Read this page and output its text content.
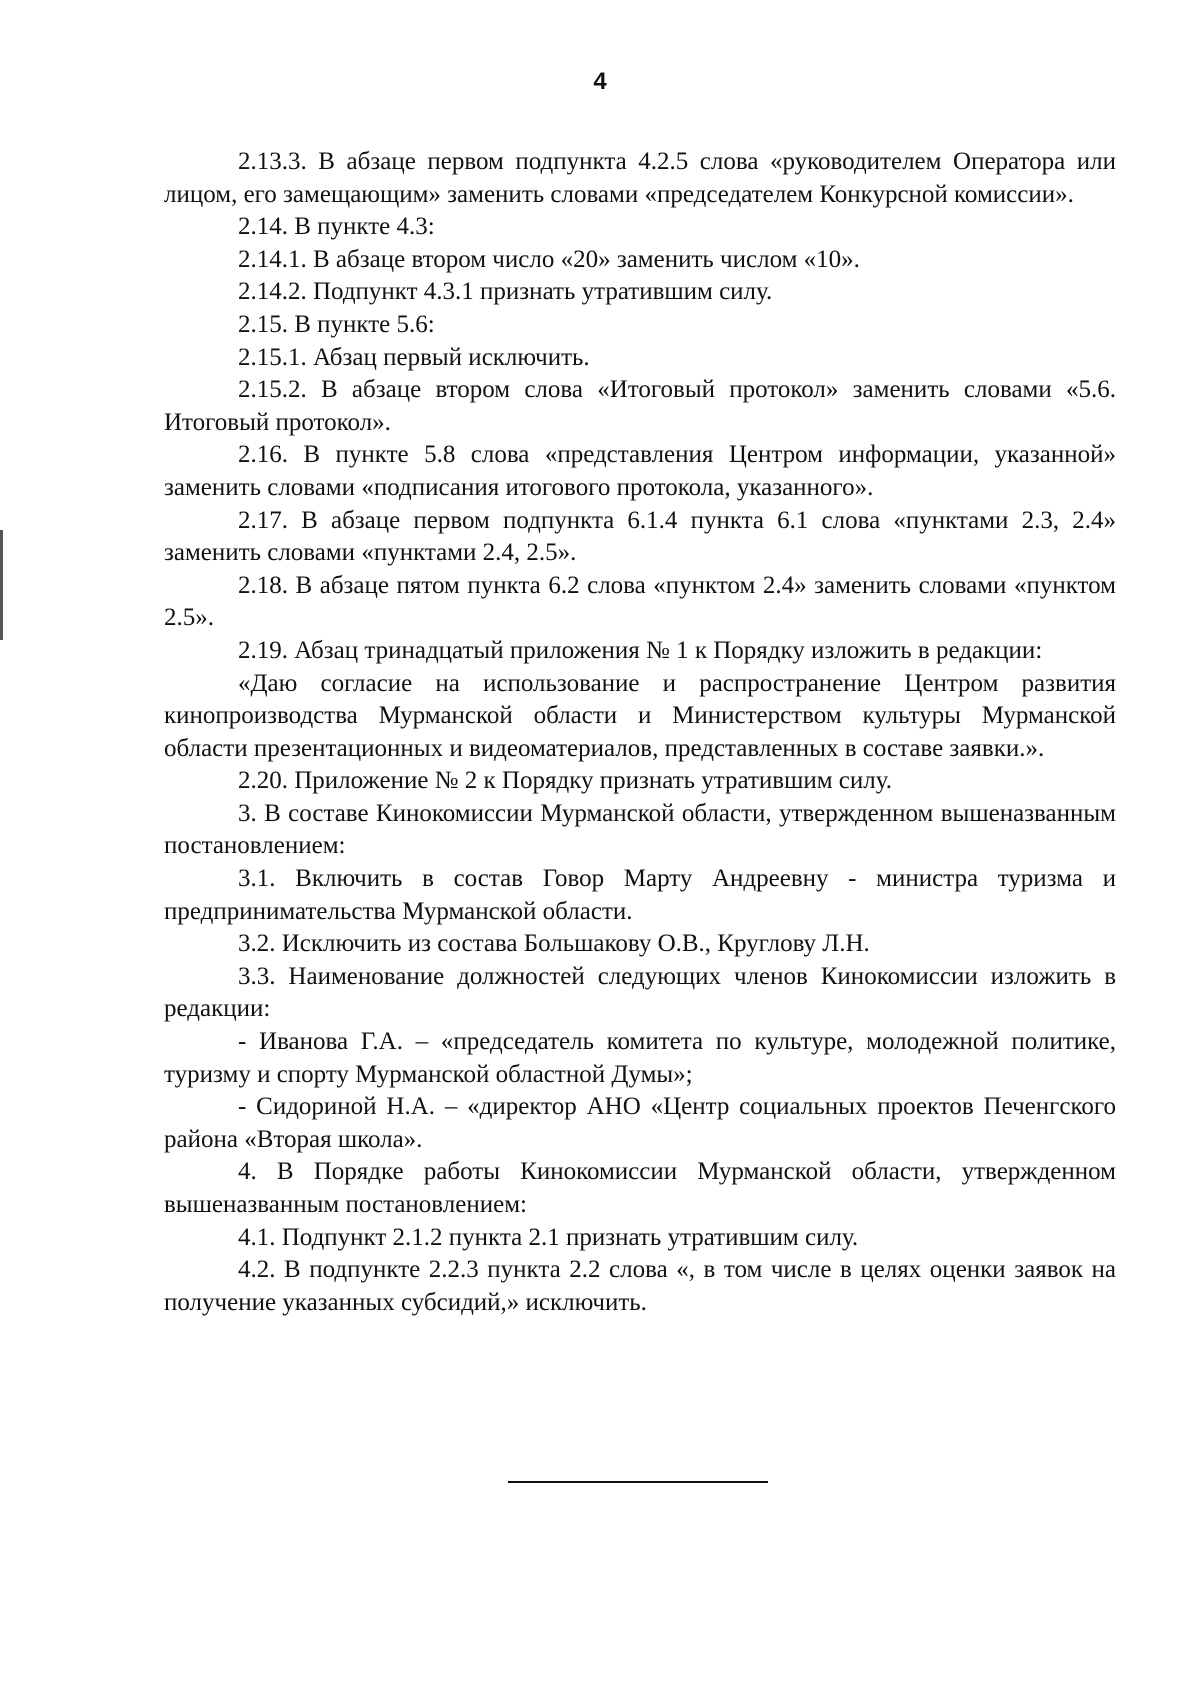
4

2.13.3. В абзаце первом подпункта 4.2.5 слова «руководителем Оператора или лицом, его замещающим» заменить словами «председателем Конкурсной комиссии».

2.14. В пункте 4.3:

2.14.1. В абзаце втором число «20» заменить числом «10».

2.14.2. Подпункт 4.3.1 признать утратившим силу.

2.15. В пункте 5.6:

2.15.1. Абзац первый исключить.

2.15.2. В абзаце втором слова «Итоговый протокол» заменить словами «5.6. Итоговый протокол».

2.16. В пункте 5.8 слова «представления Центром информации, указанной» заменить словами «подписания итогового протокола, указанного».

2.17. В абзаце первом подпункта 6.1.4 пункта 6.1 слова «пунктами 2.3, 2.4» заменить словами «пунктами 2.4, 2.5».

2.18. В абзаце пятом пункта 6.2 слова «пунктом 2.4» заменить словами «пунктом 2.5».

2.19. Абзац тринадцатый приложения № 1 к Порядку изложить в редакции:

«Даю согласие на использование и распространение Центром развития кинопроизводства Мурманской области и Министерством культуры Мурманской области презентационных и видеоматериалов, представленных в составе заявки.».

2.20. Приложение № 2 к Порядку признать утратившим силу.

3. В составе Кинокомиссии Мурманской области, утвержденном вышеназванным постановлением:

3.1. Включить в состав Говор Марту Андреевну - министра туризма и предпринимательства Мурманской области.

3.2. Исключить из состава Большакову О.В., Круглову Л.Н.

3.3. Наименование должностей следующих членов Кинокомиссии изложить в редакции:

- Иванова Г.А. – «председатель комитета по культуре, молодежной политике, туризму и спорту Мурманской областной Думы»;

- Сидориной Н.А. – «директор АНО «Центр социальных проектов Печенгского района «Вторая школа».

4. В Порядке работы Кинокомиссии Мурманской области, утвержденном вышеназванным постановлением:

4.1. Подпункт 2.1.2 пункта 2.1 признать утратившим силу.

4.2. В подпункте 2.2.3 пункта 2.2 слова «, в том числе в целях оценки заявок на получение указанных субсидий,» исключить.
